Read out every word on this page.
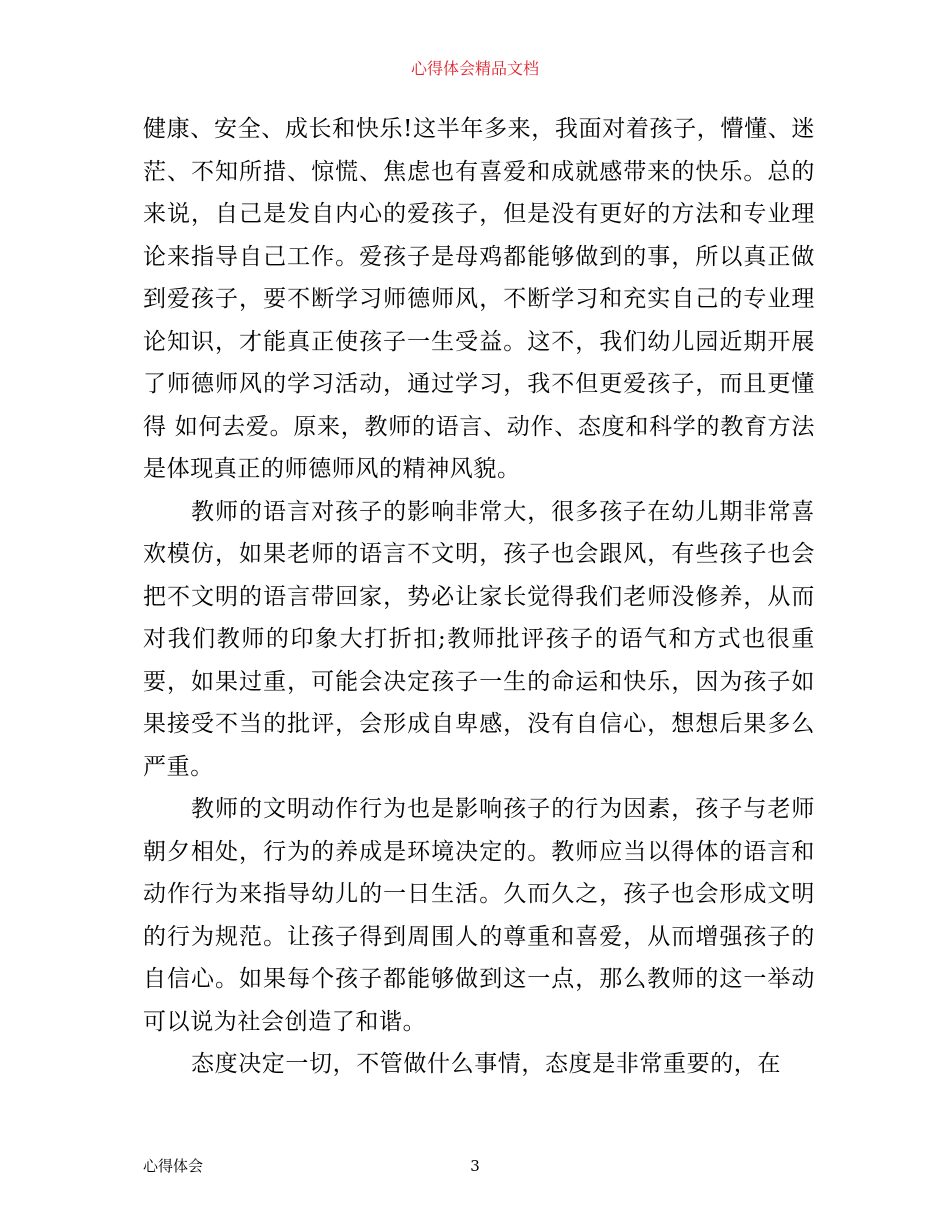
心得体会精品文档

健康、安全、成长和快乐!这半年多来，我面对着孩子，懵懂、迷茫、不知所措、惊慌、焦虑也有喜爱和成就感带来的快乐。总的来说，自己是发自内心的爱孩子，但是没有更好的方法和专业理论来指导自己工作。爱孩子是母鸡都能够做到的事，所以真正做到爱孩子，要不断学习师德师风，不断学习和充实自己的专业理论知识，才能真正使孩子一生受益。这不，我们幼儿园近期开展了师德师风的学习活动，通过学习，我不但更爱孩子，而且更懂得 如何去爱。原来，教师的语言、动作、态度和科学的教育方法是体现真正的师德师风的精神风貌。

教师的语言对孩子的影响非常大，很多孩子在幼儿期非常喜欢模仿，如果老师的语言不文明，孩子也会跟风，有些孩子也会把不文明的语言带回家，势必让家长觉得我们老师没修养，从而对我们教师的印象大打折扣;教师批评孩子的语气和方式也很重要，如果过重，可能会决定孩子一生的命运和快乐，因为孩子如果接受不当的批评，会形成自卑感，没有自信心，想想后果多么严重。

教师的文明动作行为也是影响孩子的行为因素，孩子与老师朝夕相处，行为的养成是环境决定的。教师应当以得体的语言和动作行为来指导幼儿的一日生活。久而久之，孩子也会形成文明的行为规范。让孩子得到周围人的尊重和喜爱，从而增强孩子的自信心。如果每个孩子都能够做到这一点，那么教师的这一举动可以说为社会创造了和谐。

态度决定一切，不管做什么事情，态度是非常重要的，在

心得体会	3
